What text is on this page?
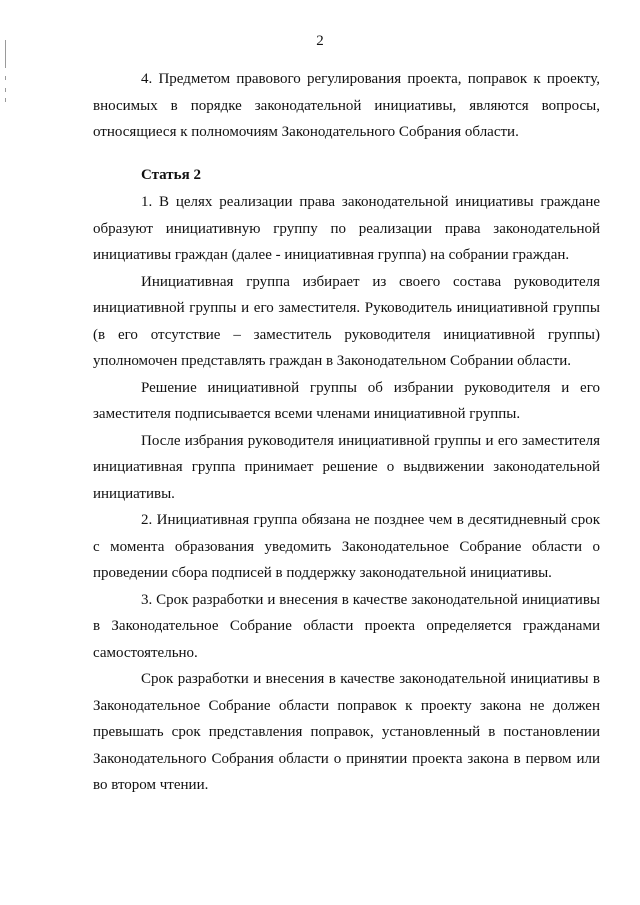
2

4. Предметом правового регулирования проекта, поправок к проекту, вносимых в порядке законодательной инициативы, являются вопросы, относящиеся к полномочиям Законодательного Собрания области.

Статья 2

1. В целях реализации права законодательной инициативы граждане образуют инициативную группу по реализации права законодательной инициативы граждан (далее - инициативная группа) на собрании граждан.

Инициативная группа избирает из своего состава руководителя инициативной группы и его заместителя. Руководитель инициативной группы (в его отсутствие – заместитель руководителя инициативной группы) уполномочен представлять граждан в Законодательном Собрании области.

Решение инициативной группы об избрании руководителя и его заместителя подписывается всеми членами инициативной группы.

После избрания руководителя инициативной группы и его заместителя инициативная группа принимает решение о выдвижении законодательной инициативы.

2. Инициативная группа обязана не позднее чем в десятидневный срок с момента образования уведомить Законодательное Собрание области о проведении сбора подписей в поддержку законодательной инициативы.

3. Срок разработки и внесения в качестве законодательной инициативы в Законодательное Собрание области проекта определяется гражданами самостоятельно.

Срок разработки и внесения в качестве законодательной инициативы в Законодательное Собрание области поправок к проекту закона не должен превышать срок представления поправок, установленный в постановлении Законодательного Собрания области о принятии проекта закона в первом или во втором чтении.
